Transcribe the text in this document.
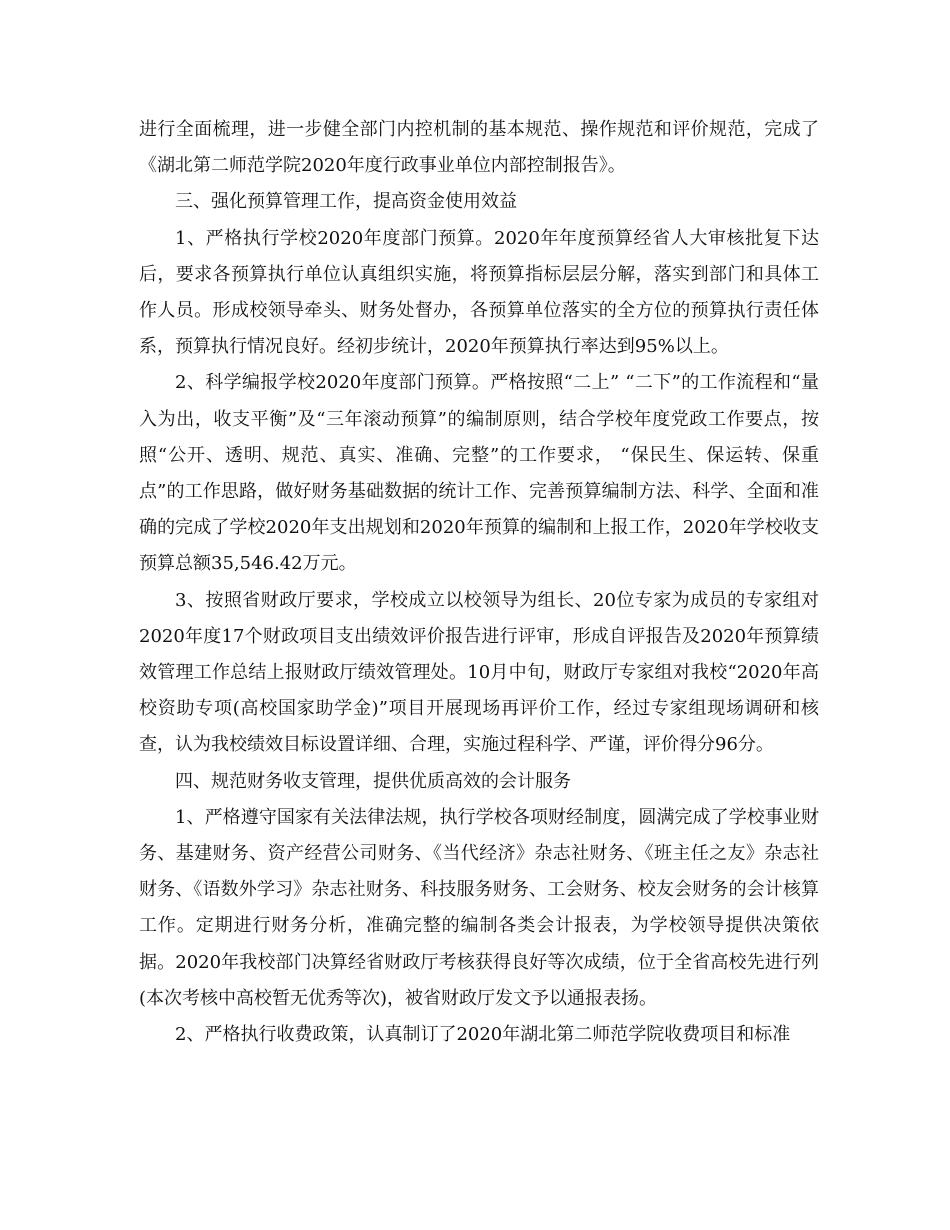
进行全面梳理，进一步健全部门内控机制的基本规范、操作规范和评价规范，完成了《湖北第二师范学院2020年度行政事业单位内部控制报告》。

三、强化预算管理工作，提高资金使用效益

1、严格执行学校2020年度部门预算。2020年年度预算经省人大审核批复下达后，要求各预算执行单位认真组织实施，将预算指标层层分解，落实到部门和具体工作人员。形成校领导牵头、财务处督办，各预算单位落实的全方位的预算执行责任体系，预算执行情况良好。经初步统计，2020年预算执行率达到95%以上。

2、科学编报学校2020年度部门预算。严格按照“二上” “二下”的工作流程和“量入为出，收支平衡”及“三年滚动预算”的编制原则，结合学校年度党政工作要点，按照“公开、透明、规范、真实、准确、完整”的工作要求， “保民生、保运转、保重点”的工作思路，做好财务基础数据的统计工作、完善预算编制方法、科学、全面和准确的完成了学校2020年支出规划和2020年预算的编制和上报工作，2020年学校收支预算总额35,546.42万元。

3、按照省财政厅要求，学校成立以校领导为组长、20位专家为成员的专家组对2020年度17个财政项目支出绩效评价报告进行评审，形成自评报告及2020年预算绩效管理工作总结上报财政厅绩效管理处。10月中旬，财政厅专家组对我校“2020年高校资助专项(高校国家助学金)”项目开展现场再评价工作，经过专家组现场调研和核查，认为我校绩效目标设置详细、合理，实施过程科学、严谨，评价得分96分。

四、规范财务收支管理，提供优质高效的会计服务

1、严格遵守国家有关法律法规，执行学校各项财经制度，圆满完成了学校事业财务、基建财务、资产经营公司财务、《当代经济》杂志社财务、《班主任之友》杂志社财务、《语数外学习》杂志社财务、科技服务财务、工会财务、校友会财务的会计核算工作。定期进行财务分析，准确完整的编制各类会计报表，为学校领导提供决策依据。2020年我校部门决算经省财政厅考核获得良好等次成绩，位于全省高校先进行列(本次考核中高校暂无优秀等次)，被省财政厅发文予以通报表扬。

2、严格执行收费政策，认真制订了2020年湖北第二师范学院收费项目和标准
